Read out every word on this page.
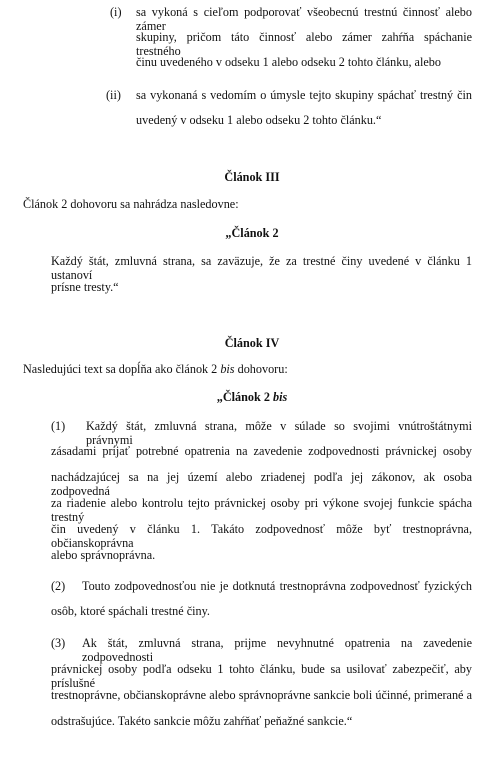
(i) sa vykoná s cieľom podporovať všeobecnú trestnú činnosť alebo zámer
skupiny, pričom táto činnosť alebo zámer zahŕňa spáchanie trestného
činu uvedeného v odseku 1 alebo odseku 2 tohto článku, alebo
(ii) sa vykonaná s vedomím o úmysle tejto skupiny spáchať trestný čin
uvedený v odseku 1 alebo odseku 2 tohto článku.“
Článok III
Článok 2 dohovoru sa nahrádza nasledovne:
„Článok 2
Každý štát, zmluvná strana, sa zaväzuje, že za trestné činy uvedené v článku 1 ustanoví
prísne tresty.“
Článok IV
Nasledujúci text sa dopĺňa ako článok 2 bis dohovoru:
„Článok 2 bis
(1) Každý štát, zmluvná strana, môže v súlade so svojimi vnútroštátnymi právnymi
zásadami prijať potrebné opatrenia na zavedenie zodpovednosti právnickej osoby
nachádzajúcej sa na jej území alebo zriadenej podľa jej zákonov, ak osoba zodpovedná
za riadenie alebo kontrolu tejto právnickej osoby pri výkone svojej funkcie spácha trestný
čin uvedený v článku 1. Takáto zodpovednosť môže byť trestnoprávna, občianskoprávna
alebo správnoprávna.
(2) Touto zodpovednosťou nie je dotknutá trestnoprávna zodpovednosť fyzických
osôb, ktoré spáchali trestné činy.
(3) Ak štát, zmluvná strana, prijme nevyhnutné opatrenia na zavedenie zodpovednosti
právnickej osoby podľa odseku 1 tohto článku, bude sa usilovať zabezpečiť, aby príslušné
trestnoprávne, občianskoprávne alebo správnoprávne sankcie boli účinné, primerané a
odstrašujúce. Takéto sankcie môžu zahŕňať peňažné sankcie.“
